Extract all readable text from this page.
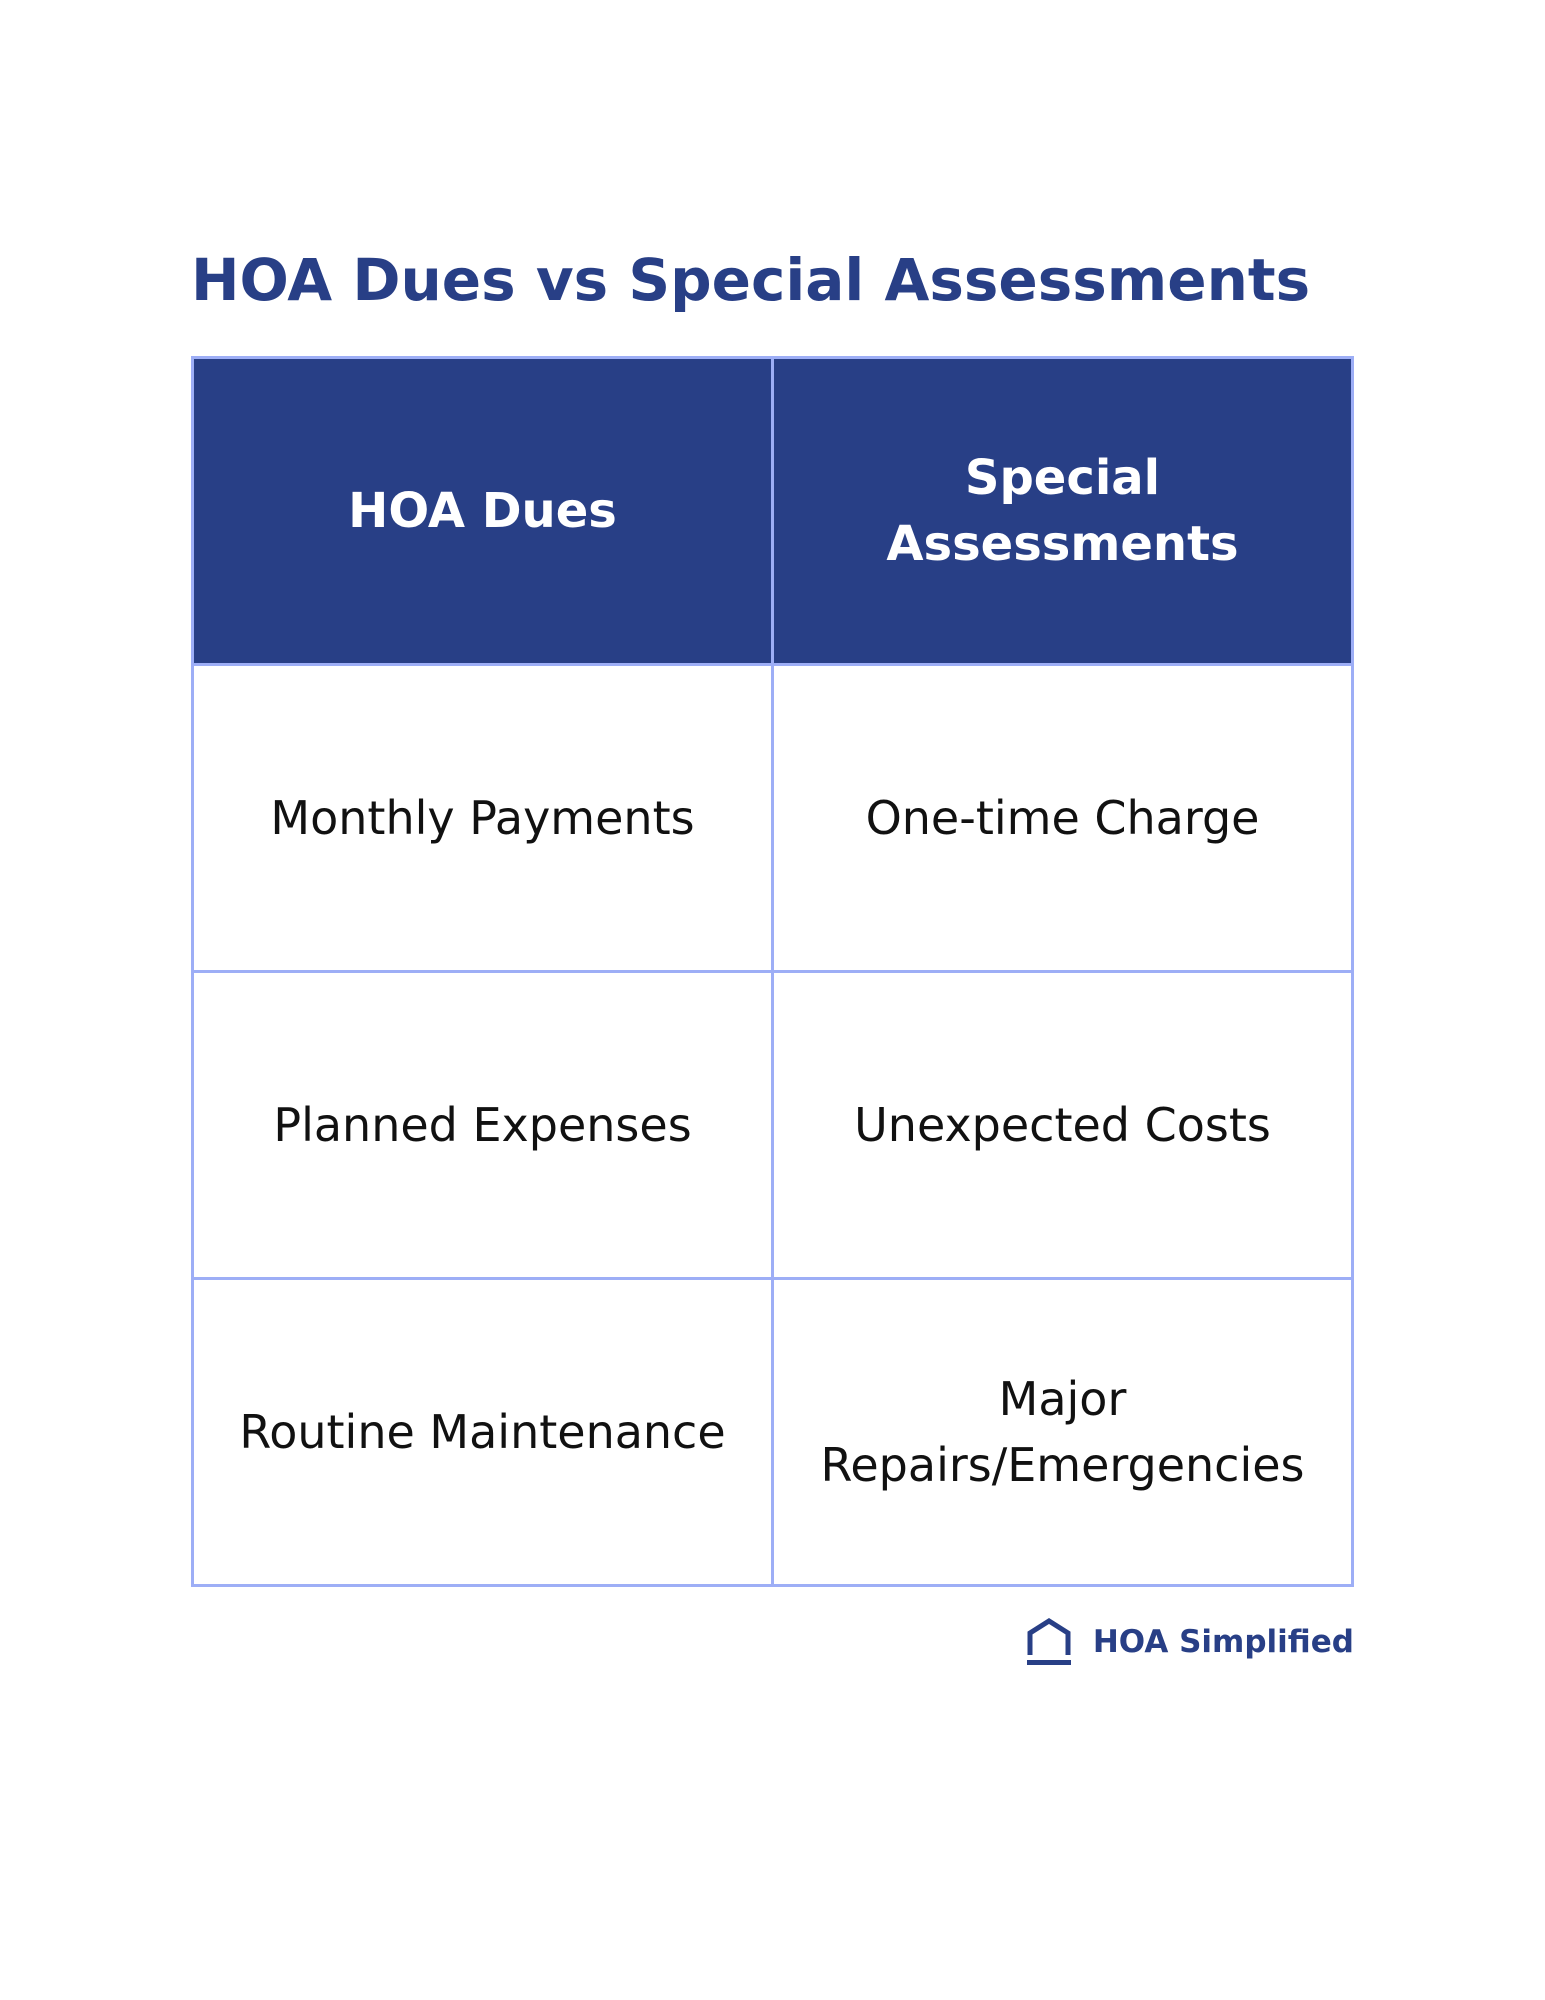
HOA Dues vs Special Assessments
HOA Dues	Special Assessments
Monthly Payments	One-time Charge
Planned Expenses	Unexpected Costs
Routine Maintenance	Major Repairs/Emergencies
HOA Simplified
